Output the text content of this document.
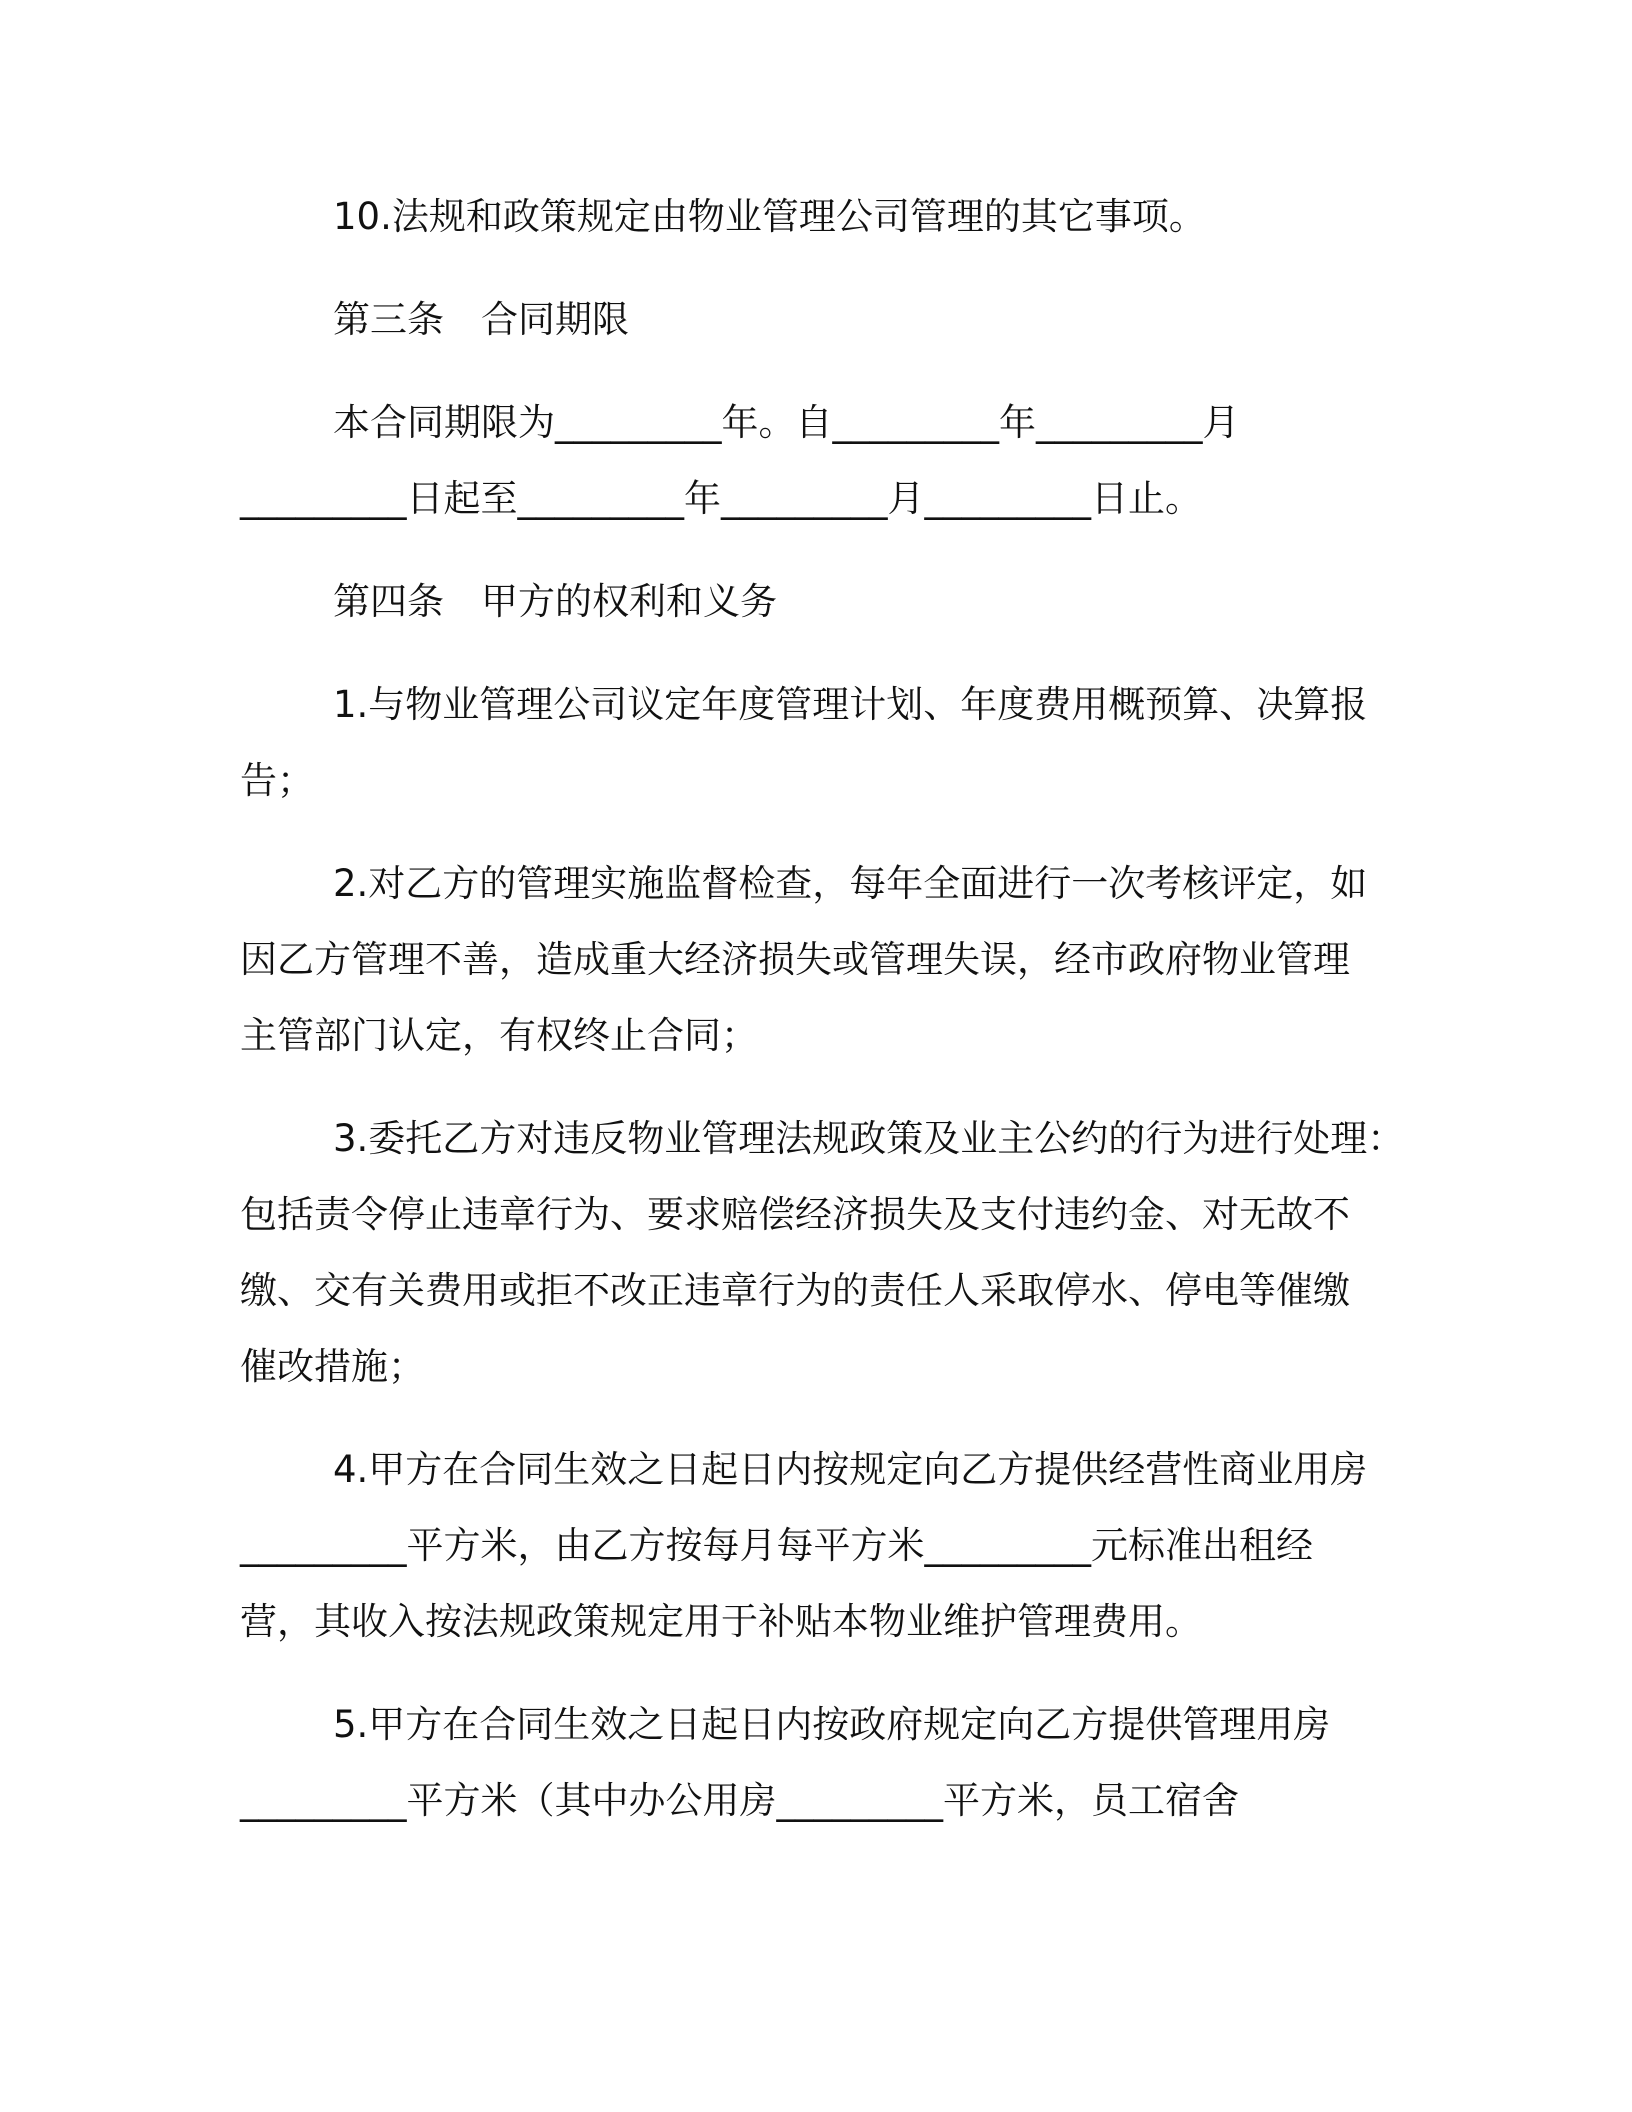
10.法规和政策规定由物业管理公司管理的其它事项。
第三条　合同期限
本合同期限为_________年。自_________年_________月
_________日起至_________年_________月_________日止。
第四条　甲方的权利和义务
1.与物业管理公司议定年度管理计划、年度费用概预算、决算报
告；
2.对乙方的管理实施监督检查，每年全面进行一次考核评定，如
因乙方管理不善，造成重大经济损失或管理失误，经市政府物业管理
主管部门认定，有权终止合同；
3.委托乙方对违反物业管理法规政策及业主公约的行为进行处理：
包括责令停止违章行为、要求赔偿经济损失及支付违约金、对无故不
缴、交有关费用或拒不改正违章行为的责任人采取停水、停电等催缴
催改措施；
4.甲方在合同生效之日起日内按规定向乙方提供经营性商业用房
_________平方米，由乙方按每月每平方米_________元标准出租经
营，其收入按法规政策规定用于补贴本物业维护管理费用。
5.甲方在合同生效之日起日内按政府规定向乙方提供管理用房
_________平方米（其中办公用房_________平方米，员工宿舍
